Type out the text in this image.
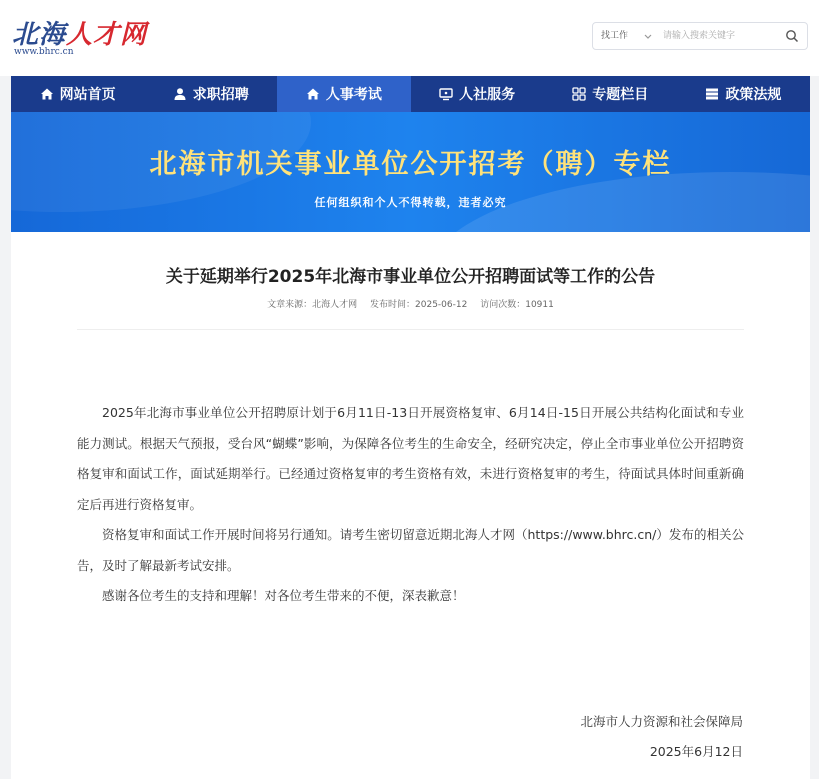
北海人才网
www.bhrc.cn
找工作
请输入搜索关键字
网站首页	求职招聘	人事考试	人社服务	专题栏目	政策法规
北海市机关事业单位公开招考（聘）专栏
任何组织和个人不得转载，违者必究
关于延期举行2025年北海市事业单位公开招聘面试等工作的公告
文章来源：北海人才网 发布时间：2025-06-12 访问次数：10911

2025年北海市事业单位公开招聘原计划于6月11日-13日开展资格复审、6月14日-15日开展公共结构化面试和专业能力测试。根据天气预报，受台风“蝴蝶”影响，为保障各位考生的生命安全，经研究决定，停止全市事业单位公开招聘资格复审和面试工作，面试延期举行。已经通过资格复审的考生资格有效，未进行资格复审的考生，待面试具体时间重新确定后再进行资格复审。

资格复审和面试工作开展时间将另行通知。请考生密切留意近期北海人才网（https://www.bhrc.cn/）发布的相关公告，及时了解最新考试安排。

感谢各位考生的支持和理解！对各位考生带来的不便，深表歉意！

北海市人力资源和社会保障局
2025年6月12日
